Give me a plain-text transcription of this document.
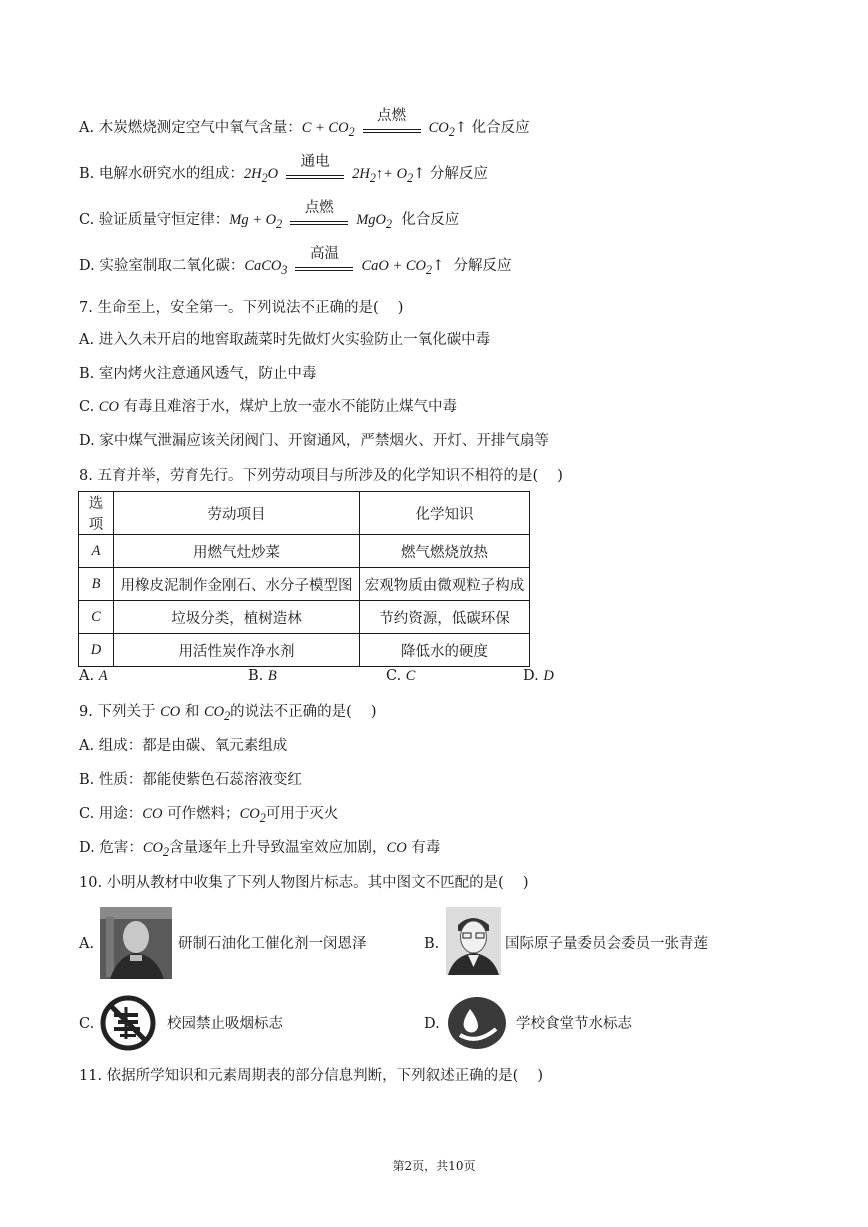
A. 木炭燃烧测定空气中氧气含量：$C + CO_2$
点燃
$CO_2↑$ 化合反应
B. 电解水研究水的组成：$2H_2O$
通电
$2H_2↑+$ $O_2↑$ 分解反应
C. 验证质量守恒定律：$Mg + O_2$
点燃
MgO$_2$ 化合反应
D. 实验室制取二氧化碳：CaCO$_3$
高温
CaO + $CO_2↑$ 分解反应
7. 生命至上，安全第一。下列说法不正确的是(　 )
A. 进入久未开启的地窖取蔬菜时先做灯火实验防止一氧化碳中毒
B. 室内烤火注意通风透气，防止中毒
C. CO 有毒且难溶于水，煤炉上放一壶水不能防止煤气中毒
D. 家中煤气泄漏应该关闭阀门、开窗通风，严禁烟火、开灯、开排气扇等
8. 五育并举，劳育先行。下列劳动项目与所涉及的化学知识不相符的是(　 )
选项	劳动项目	化学知识
A	用燃气灶炒菜	燃气燃烧放热
B	用橡皮泥制作金刚石、水分子模型图	宏观物质由微观粒子构成
C	垃圾分类，植树造林	节约资源，低碳环保
D	用活性炭作净水剂	降低水的硬度
A. A	B. B	C. C	D. D
9. 下列关于 CO 和 $CO_2$的说法不正确的是(　 )
A. 组成：都是由碳、氧元素组成
B. 性质：都能使紫色石蕊溶液变红
C. 用途：CO 可作燃料；$CO_2$可用于灭火
D. 危害：$CO_2$含量逐年上升导致温室效应加剧，CO 有毒
10. 小明从教材中收集了下列人物图片标志。其中图文不匹配的是(　 )
A.	研制石油化工催化剂一闵恩泽	B.	国际原子量委员会委员一张青莲
C.	校园禁止吸烟标志	D.	学校食堂节水标志
11. 依据所学知识和元素周期表的部分信息判断，下列叙述正确的是(　 )
第2页，共10页
